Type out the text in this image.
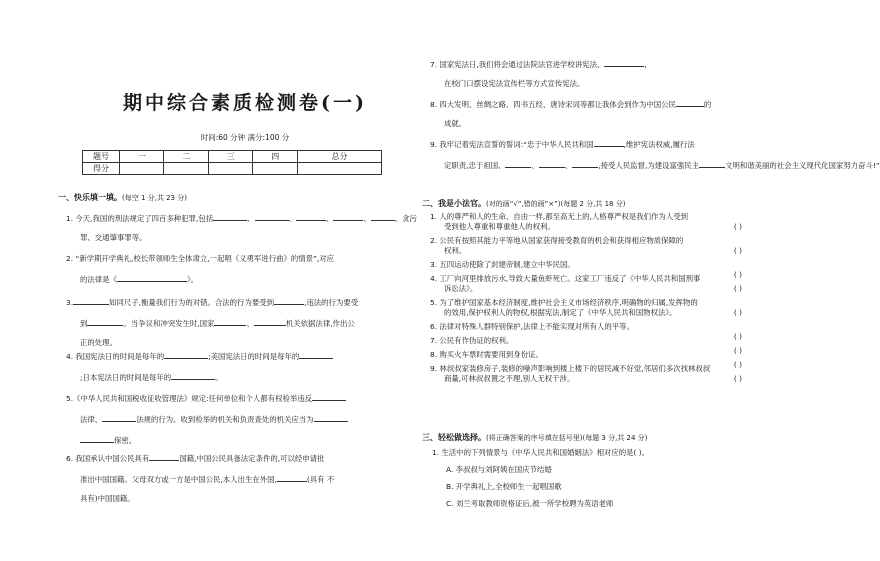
期中综合素质检测卷(一)
时间:60 分钟 满分:100 分
题号	一	二	三	四	总分
得分					
一、快乐填一填。(每空 1 分,共 23 分)
1. 今天,我国的刑法规定了四百多种犯罪,包括	、	、	、	、	、贪污
罪、交通肇事罪等。
2. “新学期开学典礼,校长带领师生全体肃立,一起唱《义勇军进行曲》的情景”,对应
的法律是《	》。
3.	如同尺子,衡量我们行为的对错。合法的行为要受到	,违法的行为要受
到	。当争议和冲突发生时,国家	、	机关依据法律,作出公
正的处理。
4. 我国宪法日的时间是每年的	;美国宪法日的时间是每年的
;日本宪法日的时间是每年的	。
5.《中华人民共和国税收征收管理法》规定:任何单位和个人都有权检举违反
法律、	法规的行为。收到检举的机关和负责查处的机关应当为
保密。
6. 我国承认中国公民具有	国籍,中国公民具备法定条件的,可以经申请批
准出中国国籍。父母双方或一方是中国公民,本人出生在外国,	(具有 不
具有)中国国籍。
7. 国家宪法日,我们将会通过法院法官进学校讲宪法、	,
在校门口摆设宪法宣传栏等方式宣传宪法。
8. 四大发明、丝绸之路、四书五经、唐诗宋词等都让我体会到作为中国公民	的
成就。
9. 我牢记着宪法宣誓的誓词:“忠于中华人民共和国	,维护宪法权威,履行法
定职责,忠于祖国、	、	、	,接受人民监督,为建设富强民主	文明和谐美丽的社会主义现代化国家努力奋斗!”
二、我是小法官。(对的画“√”,错的画“×”)(每题 2 分,共 18 分)
1. 人的尊严和人的生命、自由一样,都至高无上的,人格尊严权是我们作为人受到
受到他人尊重和尊重他人的权利。	( )
2. 公民有按照其能力平等地从国家获得接受教育的机会和获得相应物质保障的
权利。	( )
3. 五四运动使除了封建帝制,建立中华民国。
( )
4. 工厂向河里排放污水,导致大量鱼虾死亡。这家工厂违反了《中华人民共和国刑事
诉讼法》。	( )
5. 为了维护国家基本经济制度,维护社会主义市场经济秩序,明确物的归属,发挥物的
的效用,保护权利人的物权,根据宪法,制定了《中华人民共和国物权法》。	( )
6. 法律对特殊人群特别保护,法律上不能实现对所有人的平等。
( )
7. 公民有作伪证的权利。
( )
8. 购买火车票时需要用到身份证。
( )
9. 林叔叔家装修房子,装修的噪声影响到楼上楼下的居民减不好觉,邻居们多次找林叔叔
商量,可林叔叔置之不理,别人无权干涉。	( )
三、轻松做选择。(将正确答案的序号填在括号里)(每题 3 分,共 24 分)
1. 生活中的下列情景与《中华人民共和国婚姻法》相对应的是( )。
A. 李叔叔与刘阿姨在国庆节结婚
B. 开学典礼上,全校师生一起唱国歌
C. 刘兰考取教师资格证后,被一所学校聘为英语老师
